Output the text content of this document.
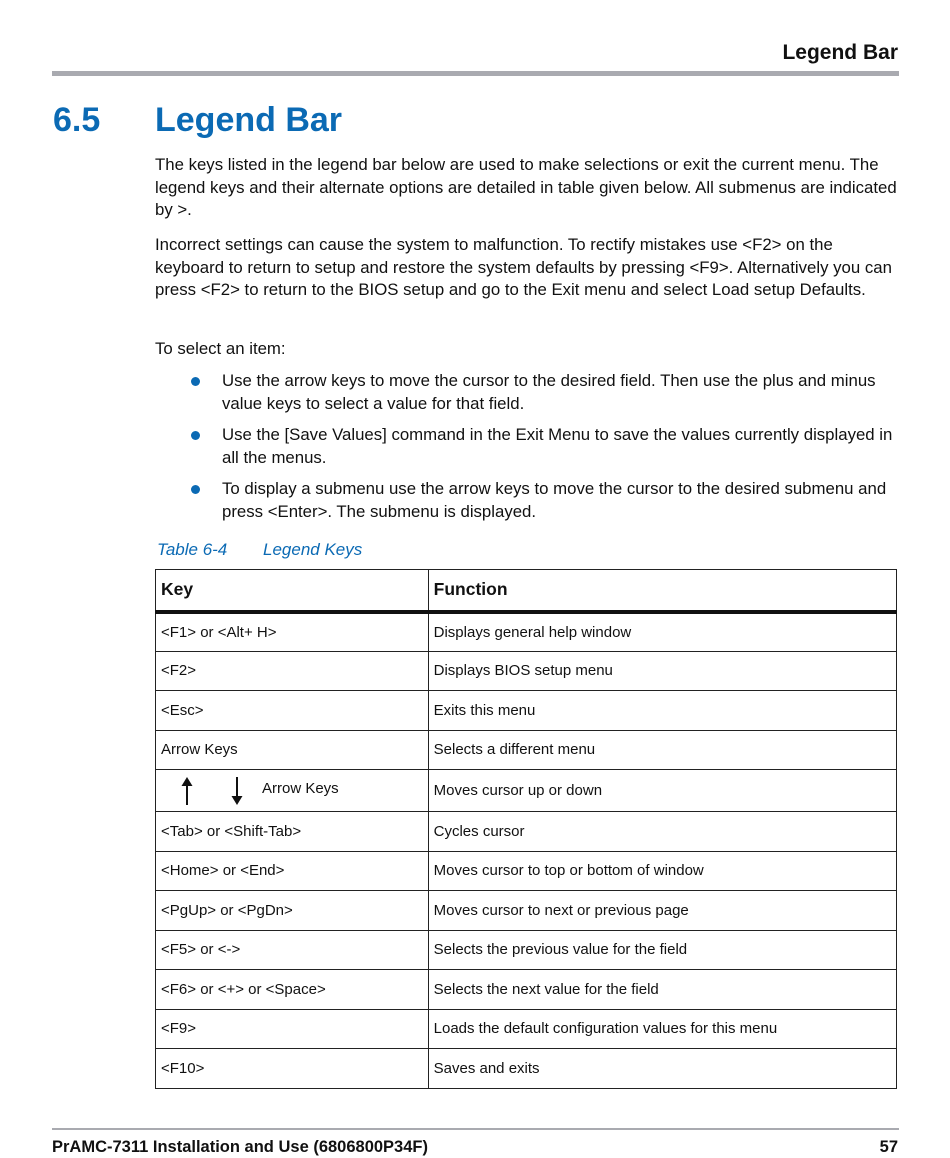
Legend Bar
6.5 Legend Bar

The keys listed in the legend bar below are used to make selections or exit the current menu. The legend keys and their alternate options are detailed in table given below. All submenus are indicated by >.

Incorrect settings can cause the system to malfunction. To rectify mistakes use <F2> on the keyboard to return to setup and restore the system defaults by pressing <F9>. Alternatively you can press <F2> to return to the BIOS setup and go to the Exit menu and select Load setup Defaults.

To select an item:

Use the arrow keys to move the cursor to the desired field. Then use the plus and minus value keys to select a value for that field.
Use the [Save Values] command in the Exit Menu to save the values currently displayed in all the menus.
To display a submenu use the arrow keys to move the cursor to the desired submenu and press <Enter>. The submenu is displayed.
Table 6-4 Legend Keys
Key	Function
<F1> or <Alt+ H>	Displays general help window
<F2>	Displays BIOS setup menu
<Esc>	Exits this menu
Arrow Keys	Selects a different menu

Arrow Keys	Moves cursor up or down
<Tab> or <Shift-Tab>	Cycles cursor
<Home> or <End>	Moves cursor to top or bottom of window
<PgUp> or <PgDn>	Moves cursor to next or previous page
<F5> or <->	Selects the previous value for the field
<F6> or <+> or <Space>	Selects the next value for the field
<F9>	Loads the default configuration values for this menu
<F10>	Saves and exits
PrAMC-7311 Installation and Use (6806800P34F)	57
